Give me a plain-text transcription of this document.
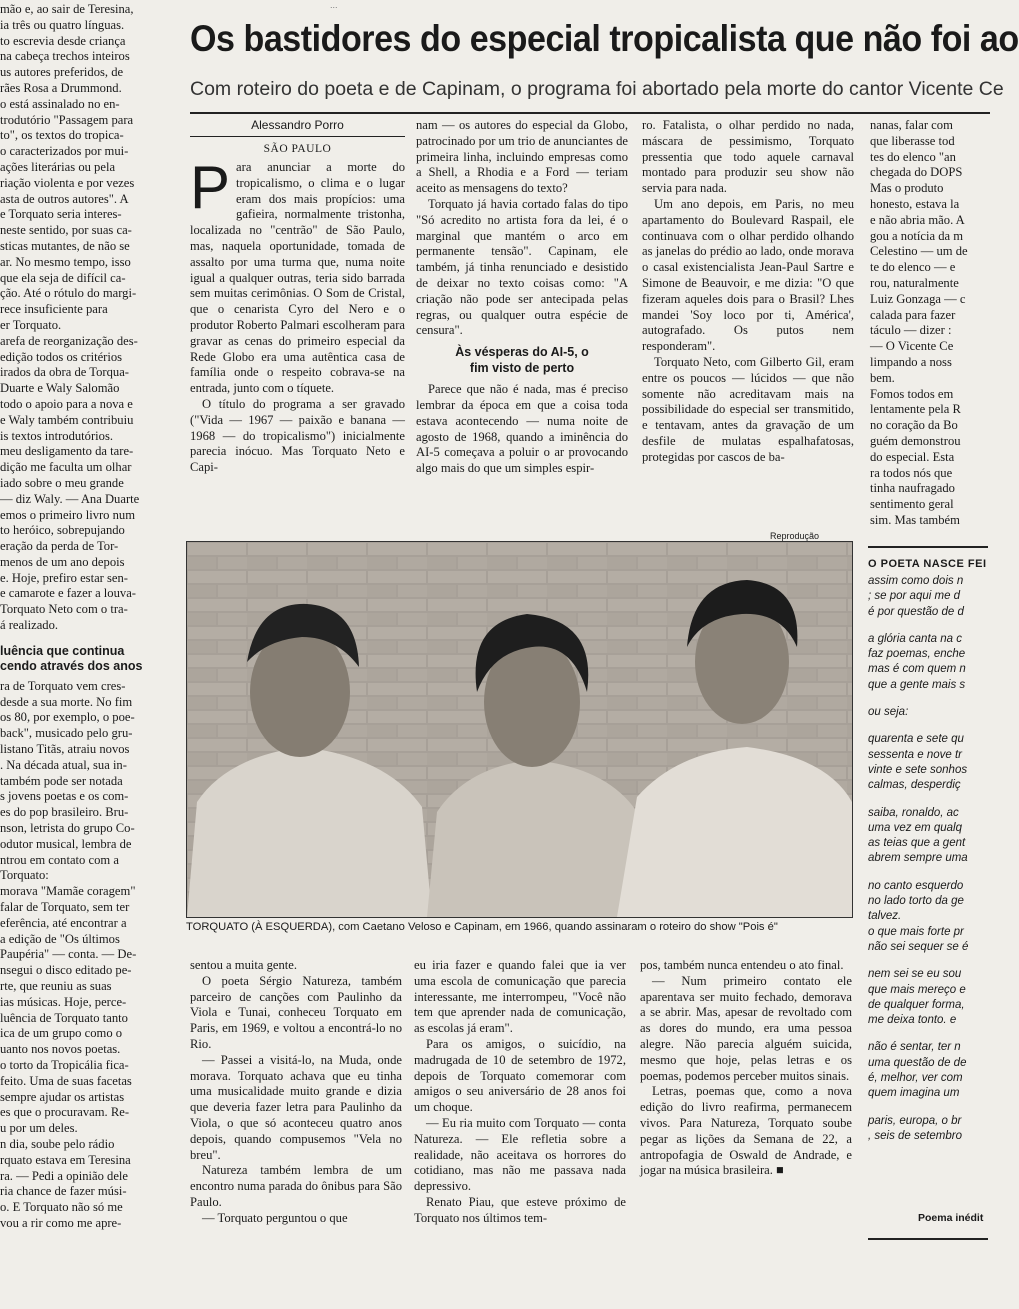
...
mão e, ao sair de Teresina,
ia três ou quatro línguas.
to escrevia desde criança
na cabeça trechos inteiros
us autores preferidos, de
rães Rosa a Drummond.
o está assinalado no en-
trodutório "Passagem para
to", os textos do tropica-
o caracterizados por mui-
ações literárias ou pela
riação violenta e por vezes
asta de outros autores". A
e Torquato seria interes-
neste sentido, por suas ca-
sticas mutantes, de não se
ar. No mesmo tempo, isso
que ela seja de difícil ca-
ção. Até o rótulo do margi-
rece insuficiente para
er Torquato.
arefa de reorganização des-
edição todos os critérios
irados da obra de Torqua-
Duarte e Waly Salomão
todo o apoio para a nova e
e Waly também contribuiu
is textos introdutórios.
meu desligamento da tare-
dição me faculta um olhar
iado sobre o meu grande
— diz Waly. — Ana Duarte
emos o primeiro livro num
to heróico, sobrepujando
eração da perda de Tor-
menos de um ano depois
e. Hoje, prefiro estar sen-
e camarote e fazer a louva-
Torquato Neto com o tra-
á realizado.
luência que continua
cendo através dos anos
ra de Torquato vem cres-
desde a sua morte. No fim
os 80, por exemplo, o poe-
back", musicado pelo gru-
listano Titãs, atraiu novos
. Na década atual, sua in-
também pode ser notada
s jovens poetas e os com-
es do pop brasileiro. Bru-
nson, letrista do grupo Co-
odutor musical, lembra de
ntrou em contato com a
Torquato:
morava "Mamãe coragem"
falar de Torquato, sem ter
eferência, até encontrar a
a edição de "Os últimos
Paupéria" — conta. — De-
nsegui o disco editado pe-
rte, que reuniu as suas
ias músicas. Hoje, perce-
luência de Torquato tanto
ica de um grupo como o
uanto nos novos poetas.
o torto da Tropicália fica-
feito. Uma de suas facetas
sempre ajudar os artistas
es que o procuravam. Re-
u por um deles.
n dia, soube pelo rádio
rquato estava em Teresina
ra. — Pedi a opinião dele
ria chance de fazer músi-
o. E Torquato não só me
vou a rir como me apre-
Os bastidores do especial tropicalista que não foi ao
Com roteiro do poeta e de Capinam, o programa foi abortado pela morte do cantor Vicente Ce
Alessandro Porro
SÃO PAULO

Para anunciar a morte do tropicalismo, o clima e o lugar eram dos mais propícios: uma gafieira, normalmente tristonha, localizada no "centrão" de São Paulo, mas, naquela oportunidade, tomada de assalto por uma turma que, numa noite igual a qualquer outras, teria sido barrada sem muitas cerimônias. O Som de Cristal, que o cenarista Cyro del Nero e o produtor Roberto Palmari escolheram para gravar as cenas do primeiro especial da Rede Globo era uma autêntica casa de família onde o respeito cobrava-se na entrada, junto com o tíquete.

O título do programa a ser gravado ("Vida — 1967 — paixão e banana — 1968 — do tropicalismo") inicialmente parecia inócuo. Mas Torquato Neto e Capi-

nam — os autores do especial da Globo, patrocinado por um trio de anunciantes de primeira linha, incluindo empresas como a Shell, a Rhodia e a Ford — teriam aceito as mensagens do texto?

Torquato já havia cortado falas do tipo "Só acredito no artista fora da lei, é o marginal que mantém o arco em permanente tensão". Capinam, ele também, já tinha renunciado e desistido de deixar no texto coisas como: "A criação não pode ser antecipada pelas regras, ou qualquer outra espécie de censura".

Às vésperas do AI-5, o
fim visto de perto

Parece que não é nada, mas é preciso lembrar da época em que a coisa toda estava acontecendo — numa noite de agosto de 1968, quando a iminência do AI-5 começava a poluir o ar provocando algo mais do que um simples espir-

ro. Fatalista, o olhar perdido no nada, máscara de pessimismo, Torquato pressentia que todo aquele carnaval montado para produzir seu show não servia para nada.

Um ano depois, em Paris, no meu apartamento do Boulevard Raspail, ele continuava com o olhar perdido olhando as janelas do prédio ao lado, onde morava o casal existencialista Jean-Paul Sartre e Simone de Beauvoir, e me dizia: "O que fizeram aqueles dois para o Brasil? Lhes mandei 'Soy loco por ti, América', autografado. Os putos nem responderam".

Torquato Neto, com Gilberto Gil, eram entre os poucos — lúcidos — que não somente não acreditavam mais na possibilidade do especial ser transmitido, e tentavam, antes da gravação de um desfile de mulatas espalhafatosas, protegidas por cascos de ba-

nanas, falar com
que liberasse tod
tes do elenco "an
chegada do DOPS
Mas o produto
honesto, estava la
e não abria mão. A
gou a notícia da m
Celestino — um de
te do elenco — e
rou, naturalmente
Luiz Gonzaga — c
calada para fazer
táculo — dizer :
— O Vicente Ce
limpando a noss
bem.
Fomos todos em
lentamente pela R
no coração da Bo
guém demonstrou
do especial. Esta
ra todos nós que
tinha naufragado
sentimento geral
sim. Mas também
Reprodução
TORQUATO (À ESQUERDA), com Caetano Veloso e Capinam, em 1966, quando assinaram o roteiro do show "Pois é"

sentou a muita gente.

O poeta Sérgio Natureza, também parceiro de canções com Paulinho da Viola e Tunai, conheceu Torquato em Paris, em 1969, e voltou a encontrá-lo no Rio.

— Passei a visitá-lo, na Muda, onde morava. Torquato achava que eu tinha uma musicalidade muito grande e dizia que deveria fazer letra para Paulinho da Viola, o que só aconteceu quatro anos depois, quando compusemos "Vela no breu".

Natureza também lembra de um encontro numa parada do ônibus para São Paulo.

— Torquato perguntou o que

eu iria fazer e quando falei que ia ver uma escola de comunicação que parecia interessante, me interrompeu, "Você não tem que aprender nada de comunicação, as escolas já eram".

Para os amigos, o suicídio, na madrugada de 10 de setembro de 1972, depois de Torquato comemorar com amigos o seu aniversário de 28 anos foi um choque.

— Eu ria muito com Torquato — conta Natureza. — Ele refletia sobre a realidade, não aceitava os horrores do cotidiano, mas não me passava nada depressivo.

Renato Piau, que esteve próximo de Torquato nos últimos tem-

pos, também nunca entendeu o ato final.

— Num primeiro contato ele aparentava ser muito fechado, demorava a se abrir. Mas, apesar de revoltado com as dores do mundo, era uma pessoa alegre. Não parecia alguém suicida, mesmo que hoje, pelas letras e os poemas, podemos perceber muitos sinais.

Letras, poemas que, como a nova edição do livro reafirma, permanecem vivos. Para Natureza, Torquato soube pegar as lições da Semana de 22, a antropofagia de Oswald de Andrade, e jogar na música brasileira. ■

O POETA NASCE FEI
assim como dois n
; se por aqui me d
é por questão de d
a glória canta na c
faz poemas, enche
mas é com quem n
que a gente mais s
ou seja:
quarenta e sete qu
sessenta e nove tr
vinte e sete sonhos
calmas, desperdiç
saiba, ronaldo, ac
uma vez em qualq
as teias que a gent
abrem sempre uma
no canto esquerdo
no lado torto da ge
talvez.
o que mais forte pr
não sei sequer se é
nem sei se eu sou
que mais mereço e
de qualquer forma,
me deixa tonto. e
não é sentar, ter n
uma questão de de
é, melhor, ver com
quem imagina um
paris, europa, o br
, seis de setembro
Poema inédit
